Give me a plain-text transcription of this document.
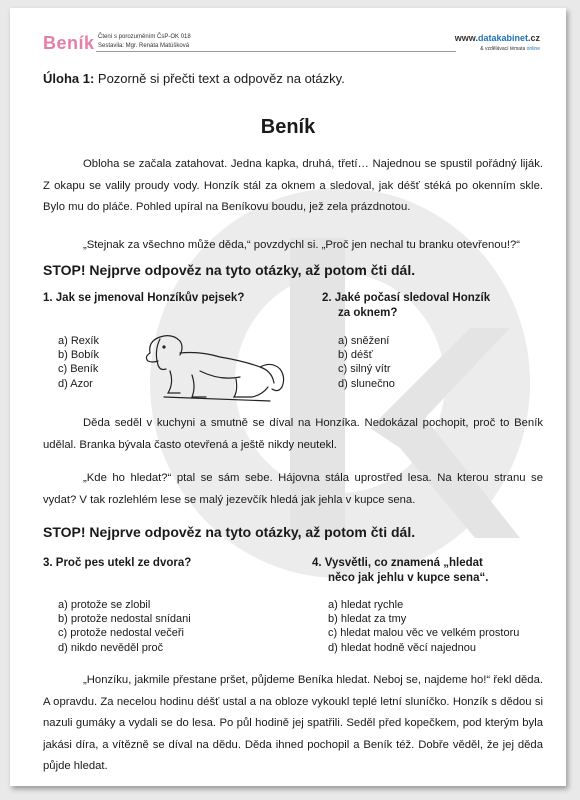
Beník Čtení s porozuměním ČsP-OK 018
Sestavila: Mgr. Renáta Matúšková
www.datakabinet.cz
& vzdělávací témata online
Úloha 1: Pozorně si přečti text a odpověz na otázky.
Beník
Obloha se začala zatahovat. Jedna kapka, druhá, třetí… Najednou se spustil pořádný liják. Z okapu se valily proudy vody. Honzík stál za oknem a sledoval, jak déšť stéká po okenním skle. Bylo mu do pláče. Pohled upíral na Beníkovu boudu, jež zela prázdnotou.
„Stejnak za všechno může děda,“ povzdychl si. „Proč jen nechal tu branku otevřenou!?“
STOP! Nejprve odpověz na tyto otázky, až potom čti dál.
1. Jak se jmenoval Honzíkův pejsek?	2. Jaké počasí sledoval Honzík
za oknem?
a) Rexík
b) Bobík
c) Beník
d) Azor
a) sněžení
b) déšť
c) silný vítr
d) slunečno
Děda seděl v kuchyni a smutně se díval na Honzíka. Nedokázal pochopit, proč to Beník udělal. Branka bývala často otevřená a ještě nikdy neutekl.
„Kde ho hledat?“ ptal se sám sebe. Hájovna stála uprostřed lesa. Na kterou stranu se vydat? V tak rozlehlém lese se malý jezevčík hledá jak jehla v kupce sena.
STOP! Nejprve odpověz na tyto otázky, až potom čti dál.
3. Proč pes utekl ze dvora?	4. Vysvětli, co znamená „hledat
něco jak jehlu v kupce sena“.
a) protože se zlobil
b) protože nedostal snídani
c) protože nedostal večeři
d) nikdo nevěděl proč
a) hledat rychle
b) hledat za tmy
c) hledat malou věc ve velkém prostoru
d) hledat hodně věcí najednou
„Honzíku, jakmile přestane pršet, půjdeme Beníka hledat. Neboj se, najdeme ho!“ řekl děda. A opravdu. Za necelou hodinu déšť ustal a na obloze vykoukl teplé letní sluníčko. Honzík s dědou si nazuli gumáky a vydali se do lesa. Po půl hodině jej spatřili. Seděl před kopečkem, pod kterým byla jakási díra, a vítězně se díval na dědu. Děda ihned pochopil a Beník též. Dobře věděl, že jej děda půjde hledat.
